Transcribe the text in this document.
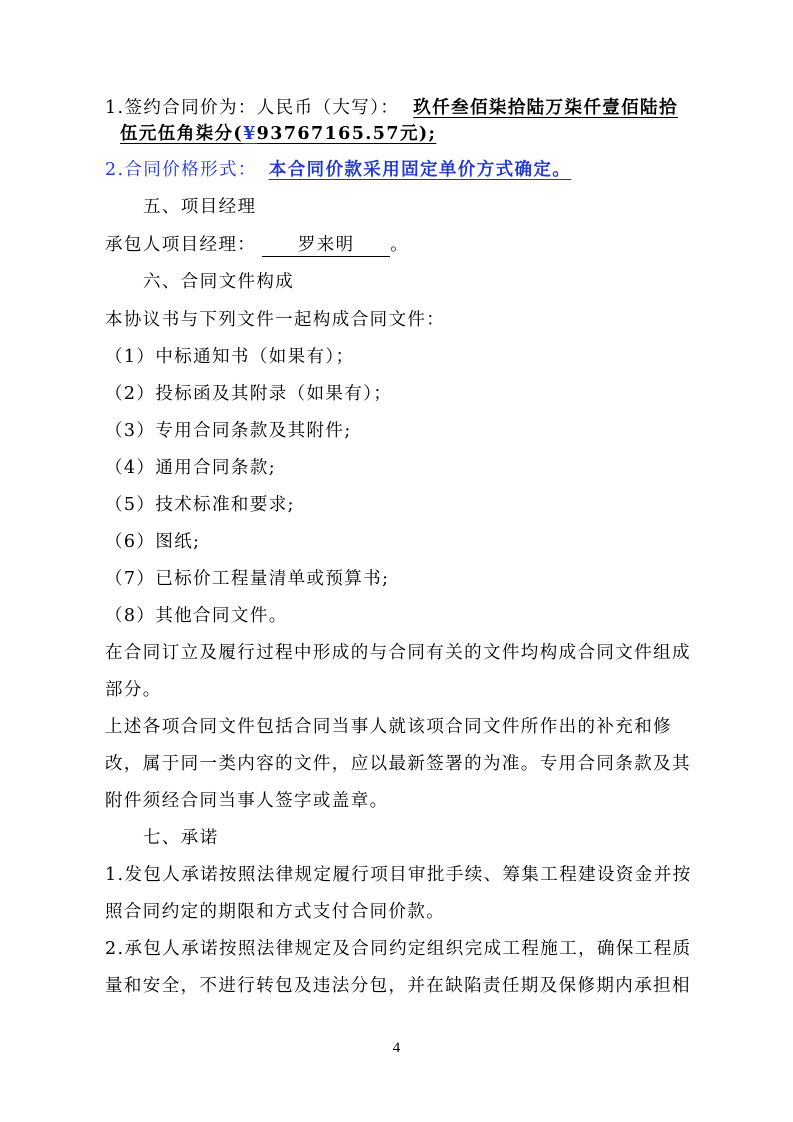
1.签约合同价为：人民币（大写）： 玖仟叁佰柒拾陆万柒仟壹佰陆拾
伍元伍角柒分(¥93767165.57元);
2.合同价格形式： 本合同价款采用固定单价方式确定。
五、项目经理
承包人项目经理： 罗来明 。
六、合同文件构成
本协议书与下列文件一起构成合同文件：
（1）中标通知书（如果有）；
（2）投标函及其附录（如果有）；
（3）专用合同条款及其附件;
（4）通用合同条款;
（5）技术标准和要求;
（6）图纸;
（7）已标价工程量清单或预算书;
（8）其他合同文件。
在合同订立及履行过程中形成的与合同有关的文件均构成合同文件组成
部分。
上述各项合同文件包括合同当事人就该项合同文件所作出的补充和修
改，属于同一类内容的文件，应以最新签署的为准。专用合同条款及其
附件须经合同当事人签字或盖章。
七、承诺
1.发包人承诺按照法律规定履行项目审批手续、筹集工程建设资金并按
照合同约定的期限和方式支付合同价款。
2.承包人承诺按照法律规定及合同约定组织完成工程施工，确保工程质
量和安全，不进行转包及违法分包，并在缺陷责任期及保修期内承担相
4
